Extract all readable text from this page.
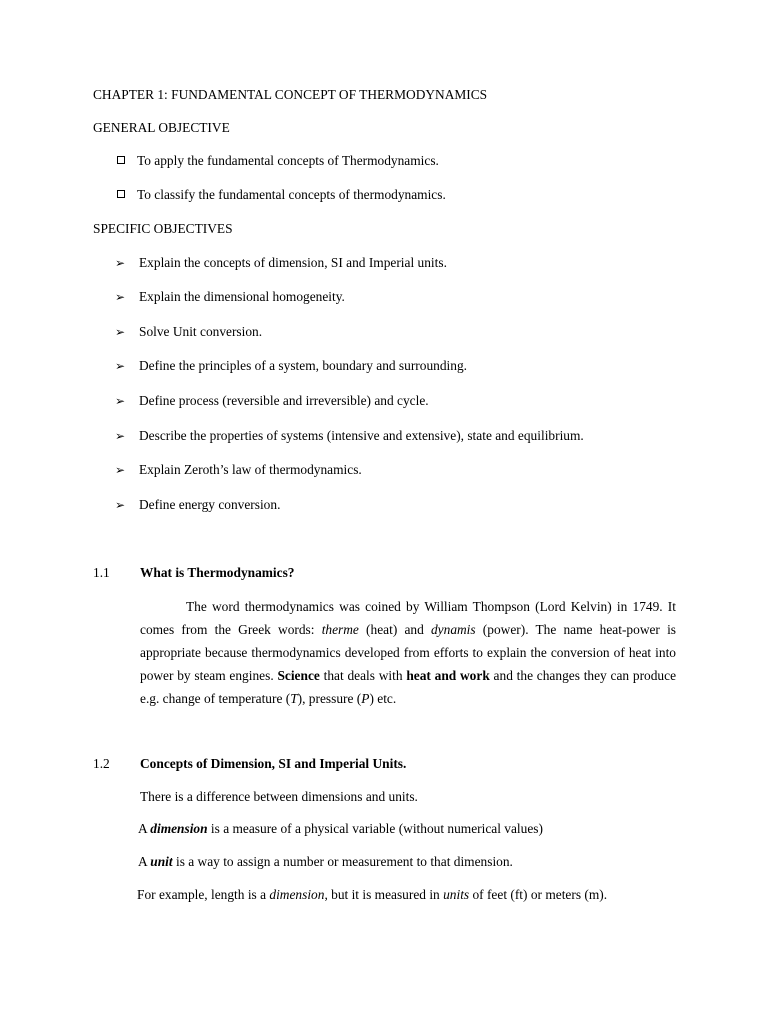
CHAPTER 1: FUNDAMENTAL CONCEPT OF THERMODYNAMICS
GENERAL OBJECTIVE
To apply the fundamental concepts of Thermodynamics.
To classify the fundamental concepts of thermodynamics.
SPECIFIC OBJECTIVES
➢ Explain the concepts of dimension, SI and Imperial units.
➢ Explain the dimensional homogeneity.
➢ Solve Unit conversion.
➢ Define the principles of a system, boundary and surrounding.
➢ Define process (reversible and irreversible) and cycle.
➢ Describe the properties of systems (intensive and extensive), state and equilibrium.
➢ Explain Zeroth’s law of thermodynamics.
➢ Define energy conversion.
1.1 What is Thermodynamics?
The word thermodynamics was coined by William Thompson (Lord Kelvin) in 1749. It comes from the Greek words: therme (heat) and dynamis (power). The name heat-power is appropriate because thermodynamics developed from efforts to explain the conversion of heat into power by steam engines. Science that deals with heat and work and the changes they can produce e.g. change of temperature (T), pressure (P) etc.
1.2 Concepts of Dimension, SI and Imperial Units.
There is a difference between dimensions and units.
A dimension is a measure of a physical variable (without numerical values)
A unit is a way to assign a number or measurement to that dimension.
For example, length is a dimension, but it is measured in units of feet (ft) or meters (m).
